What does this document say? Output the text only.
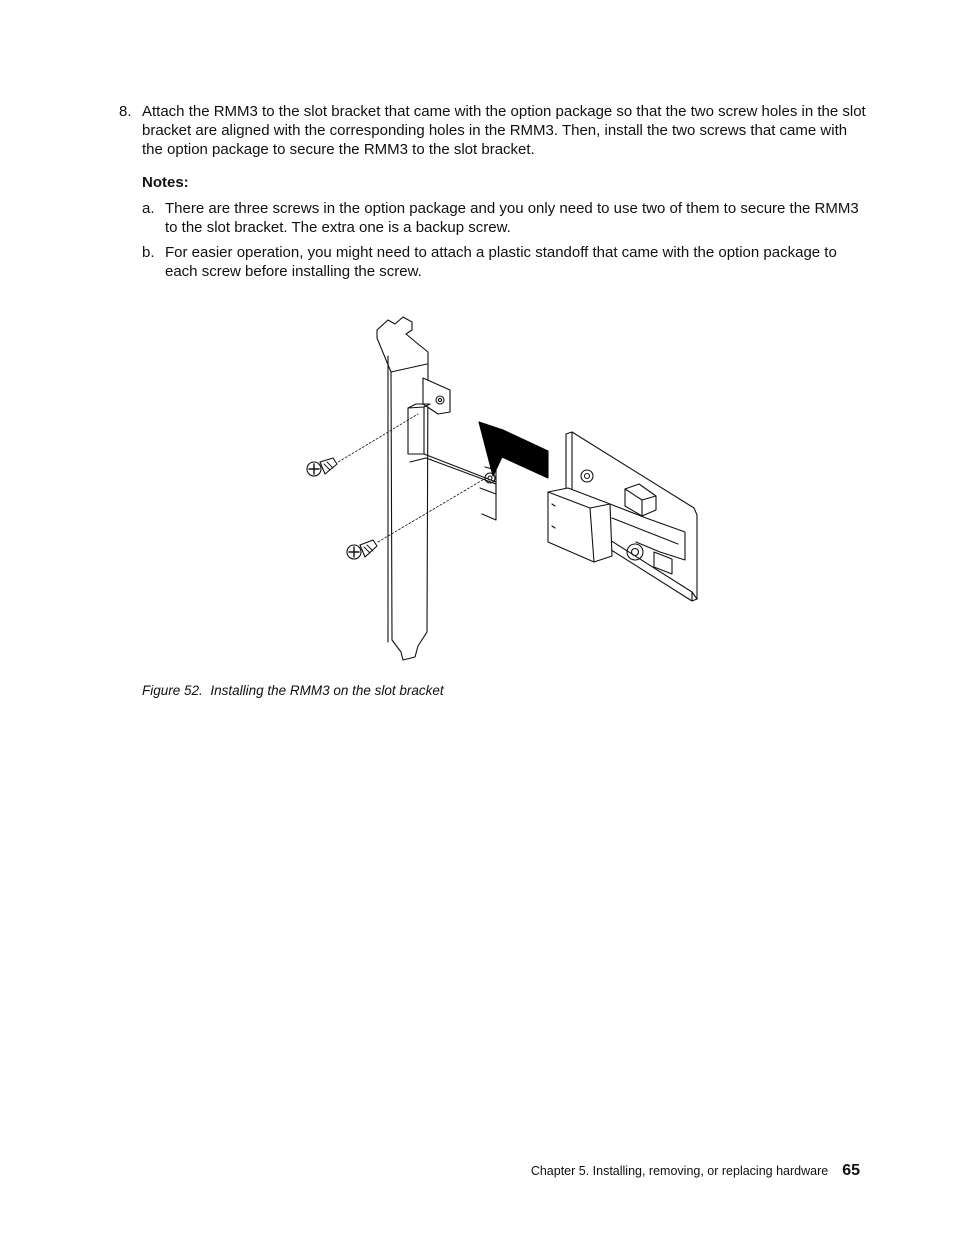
8. Attach the RMM3 to the slot bracket that came with the option package so that the two screw holes in the slot bracket are aligned with the corresponding holes in the RMM3. Then, install the two screws that came with the option package to secure the RMM3 to the slot bracket.
Notes:
a. There are three screws in the option package and you only need to use two of them to secure the RMM3 to the slot bracket. The extra one is a backup screw.
b. For easier operation, you might need to attach a plastic standoff that came with the option package to each screw before installing the screw.
Figure 52. Installing the RMM3 on the slot bracket
Chapter 5. Installing, removing, or replacing hardware 65
